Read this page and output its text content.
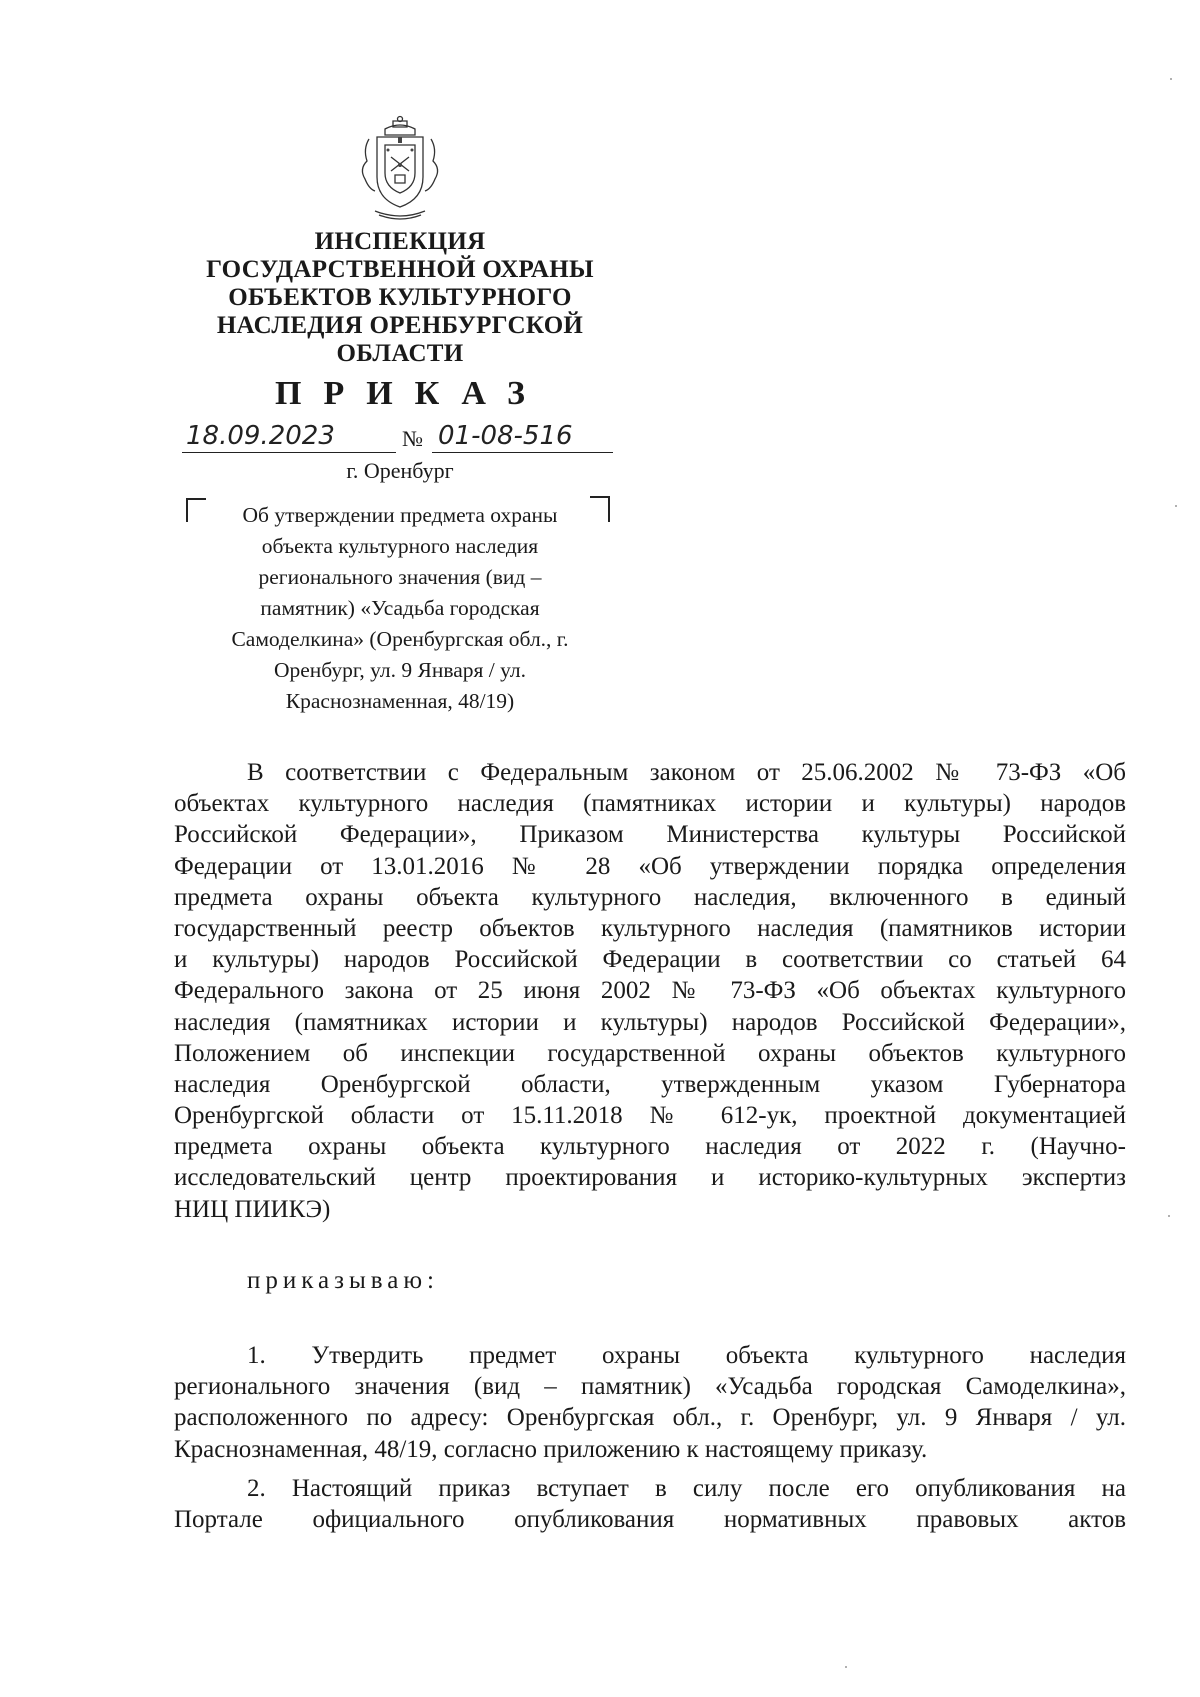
ИНСПЕКЦИЯ
ГОСУДАРСТВЕННОЙ ОХРАНЫ
ОБЪЕКТОВ КУЛЬТУРНОГО
НАСЛЕДИЯ ОРЕНБУРГСКОЙ
ОБЛАСТИ
ПРИКАЗ
18.09.2023	№ 01-08-516
г. Оренбург
Об утверждении предмета охраны
объекта культурного наследия
регионального значения (вид –
памятник) «Усадьба городская
Самоделкина» (Оренбургская обл., г.
Оренбург, ул. 9 Января / ул.
Краснознаменная, 48/19)
В соответствии с Федеральным законом от 25.06.2002 № 73-ФЗ «Об
объектах культурного наследия (памятниках истории и культуры) народов
Российской Федерации», Приказом Министерства культуры Российской
Федерации от 13.01.2016 № 28 «Об утверждении порядка определения
предмета охраны объекта культурного наследия, включенного в единый
государственный реестр объектов культурного наследия (памятников истории
и культуры) народов Российской Федерации в соответствии со статьей 64
Федерального закона от 25 июня 2002 № 73-ФЗ «Об объектах культурного
наследия (памятниках истории и культуры) народов Российской Федерации»,
Положением об инспекции государственной охраны объектов культурного
наследия Оренбургской области, утвержденным указом Губернатора
Оренбургской области от 15.11.2018 № 612-ук, проектной документацией
предмета охраны объекта культурного наследия от 2022 г. (Научно-
исследовательский центр проектирования и историко-культурных экспертиз
НИЦ ПИИКЭ)
приказываю:
1. Утвердить предмет охраны объекта культурного наследия
регионального значения (вид – памятник) «Усадьба городская Самоделкина»,
расположенного по адресу: Оренбургская обл., г. Оренбург, ул. 9 Января / ул.
Краснознаменная, 48/19, согласно приложению к настоящему приказу.
2. Настоящий приказ вступает в силу после его опубликования на
Портале официального опубликования нормативных правовых актов
